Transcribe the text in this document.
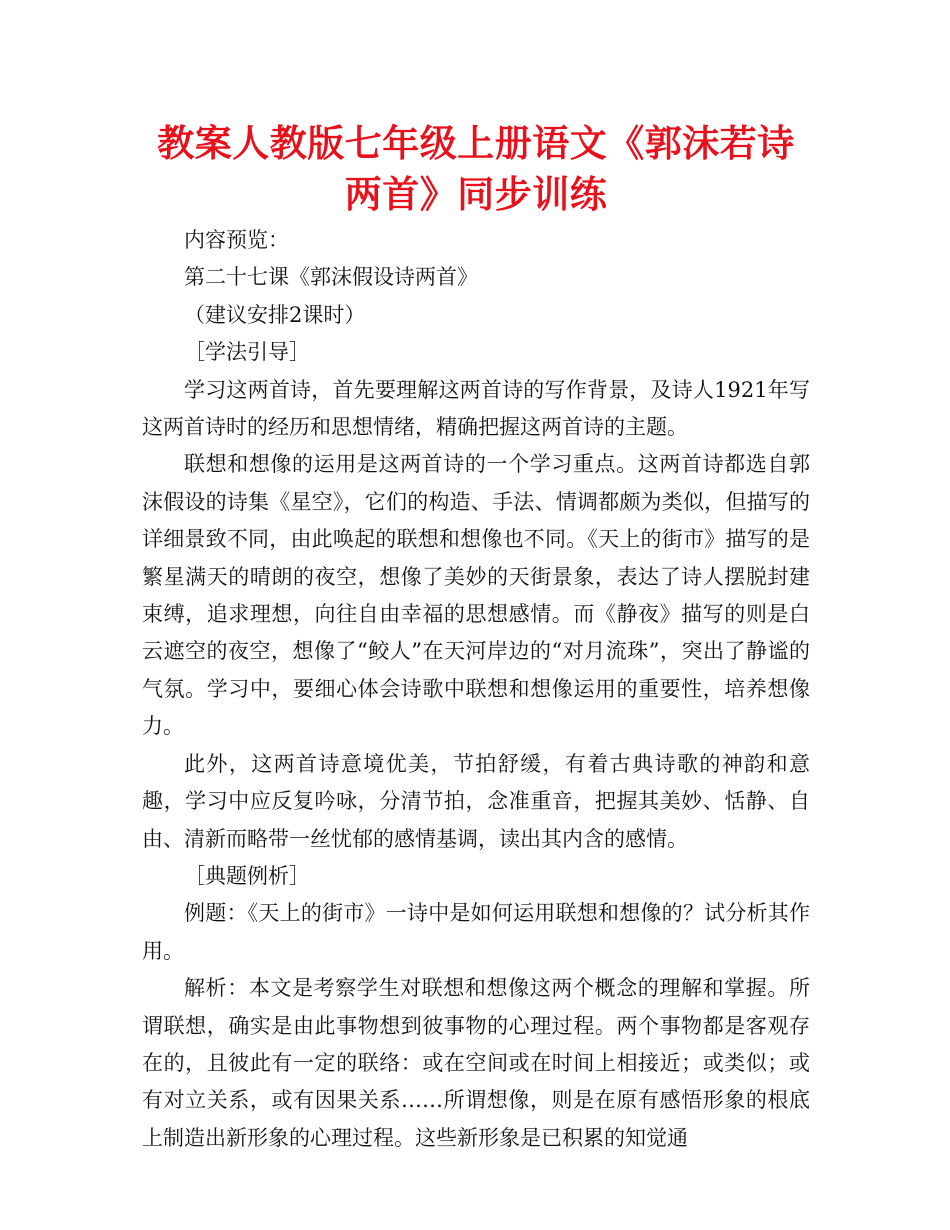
教案人教版七年级上册语文《郭沫若诗两首》同步训练

内容预览：

第二十七课《郭沫假设诗两首》

（建议安排2课时）

［学法引导］

学习这两首诗，首先要理解这两首诗的写作背景，及诗人1921年写这两首诗时的经历和思想情绪，精确把握这两首诗的主题。

联想和想像的运用是这两首诗的一个学习重点。这两首诗都选自郭沫假设的诗集《星空》，它们的构造、手法、情调都颇为类似，但描写的详细景致不同，由此唤起的联想和想像也不同。《天上的街市》描写的是繁星满天的晴朗的夜空，想像了美妙的天街景象，表达了诗人摆脱封建束缚，追求理想，向往自由幸福的思想感情。而《静夜》描写的则是白云遮空的夜空，想像了“鲛人”在天河岸边的“对月流珠”，突出了静谧的气氛。学习中，要细心体会诗歌中联想和想像运用的重要性，培养想像力。

此外，这两首诗意境优美，节拍舒缓，有着古典诗歌的神韵和意趣，学习中应反复吟咏，分清节拍，念准重音，把握其美妙、恬静、自由、清新而略带一丝忧郁的感情基调，读出其内含的感情。

［典题例析］

例题：《天上的街市》一诗中是如何运用联想和想像的？试分析其作用。

解析：本文是考察学生对联想和想像这两个概念的理解和掌握。所谓联想，确实是由此事物想到彼事物的心理过程。两个事物都是客观存在的，且彼此有一定的联络：或在空间或在时间上相接近；或类似；或有对立关系，或有因果关系……所谓想像，则是在原有感悟形象的根底上制造出新形象的心理过程。这些新形象是已积累的知觉通
